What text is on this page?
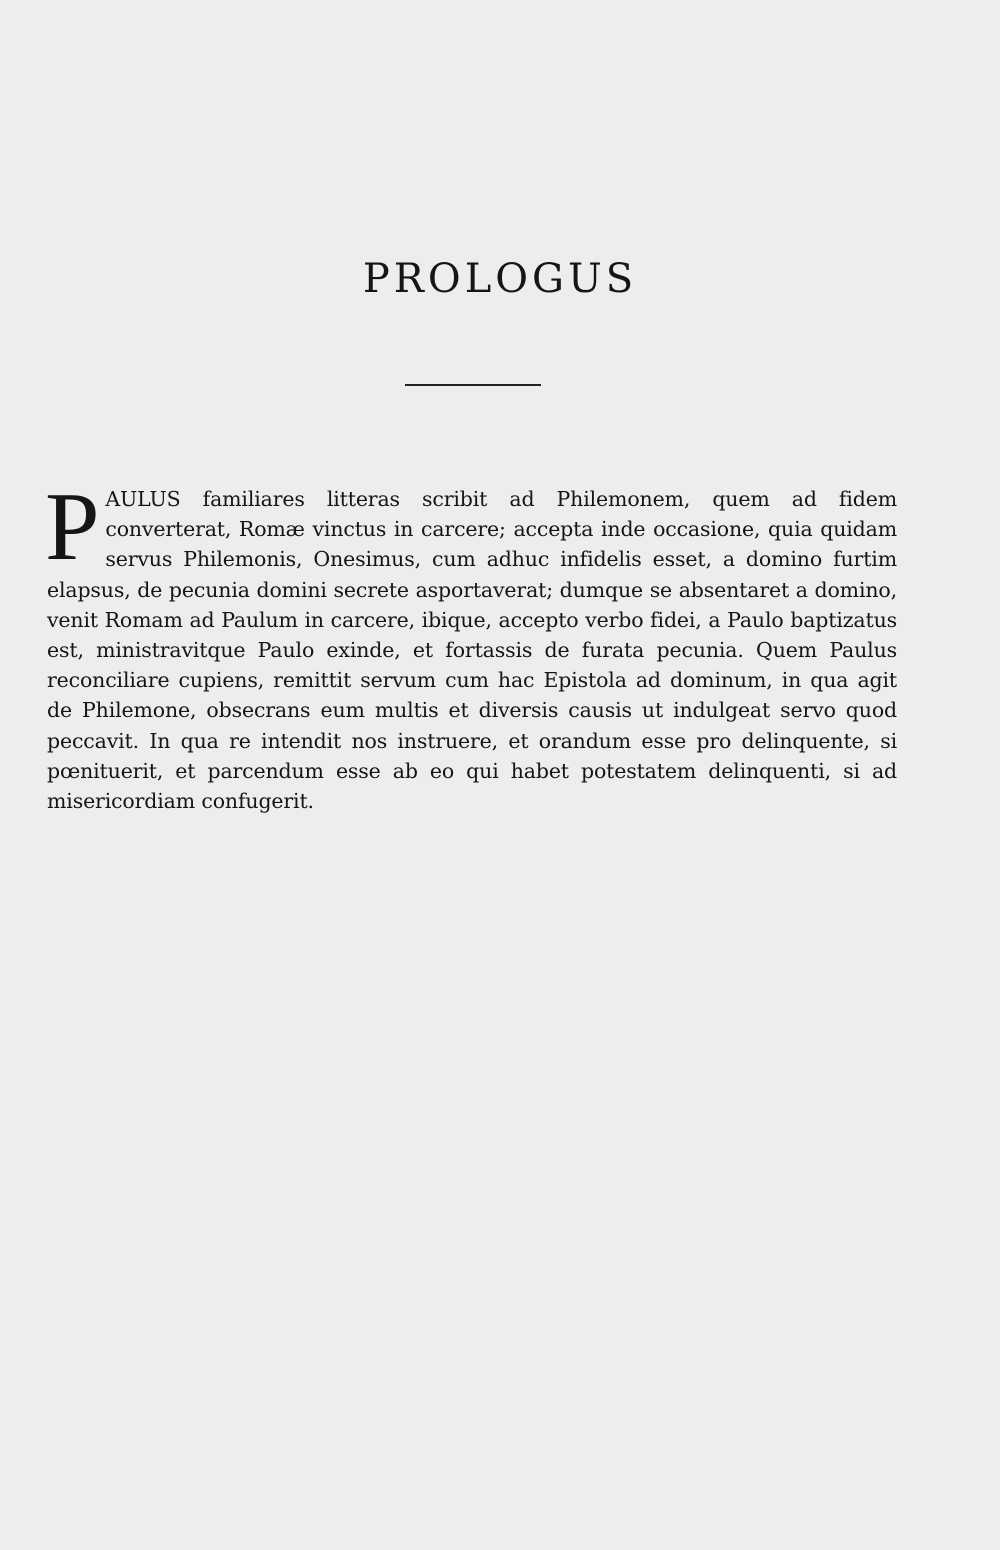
PROLOGUS

PAULUS familiares litteras scribit ad Philemonem, quem ad fidem converterat, Romæ vinctus in carcere; accepta inde occasione, quia quidam servus Philemonis, Onesimus, cum adhuc infidelis esset, a domino furtim elapsus, de pecunia domini secrete asportaverat; dumque se absentaret a domino, venit Romam ad Paulum in carcere, ibique, accepto verbo fidei, a Paulo baptizatus est, ministravitque Paulo exinde, et fortassis de furata pecunia. Quem Paulus reconciliare cupiens, remittit servum cum hac Epistola ad dominum, in qua agit de Philemone, obsecrans eum multis et diversis causis ut indulgeat servo quod peccavit. In qua re intendit nos instruere, et orandum esse pro delinquente, si pœnituerit, et parcendum esse ab eo qui habet potestatem delinquenti, si ad misericordiam confugerit.
